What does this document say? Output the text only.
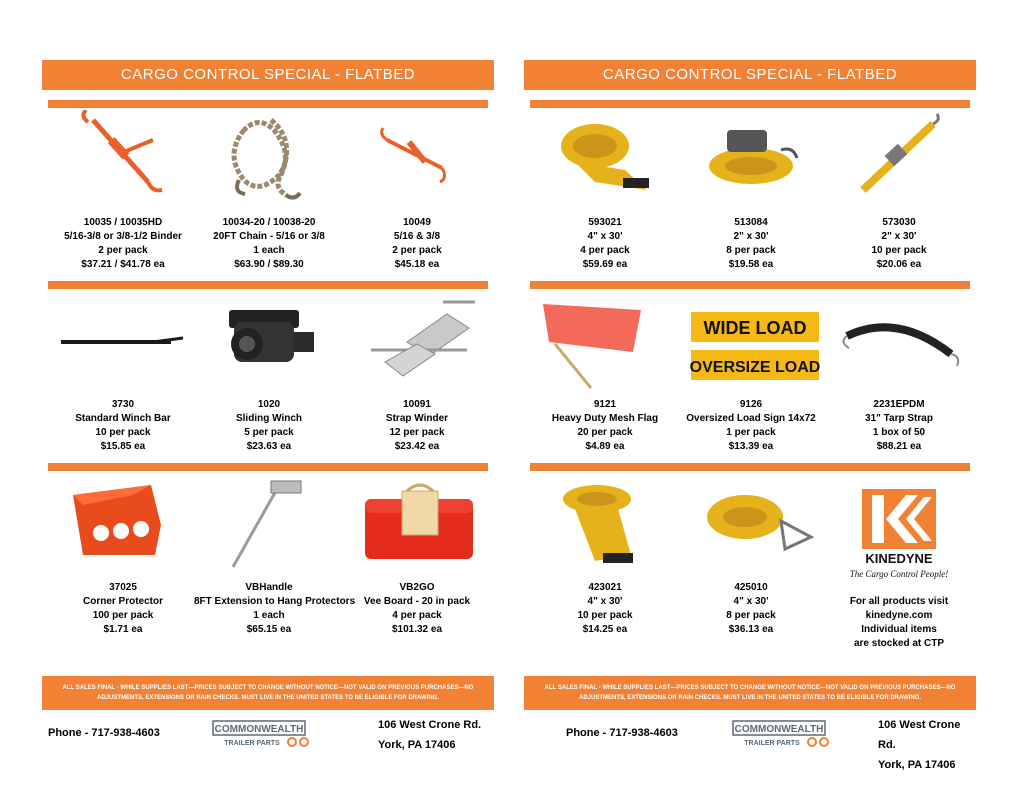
CARGO CONTROL SPECIAL - FLATBED
10035 / 10035HD
5/16-3/8 or 3/8-1/2 Binder
2 per pack
$37.21 / $41.78 ea
10034-20 / 10038-20
20FT Chain - 5/16 or 3/8
1 each
$63.90 / $89.30
10049
5/16 & 3/8
2 per pack
$45.18 ea
3730
Standard Winch Bar
10 per pack
$15.85 ea
1020
Sliding Winch
5 per pack
$23.63 ea
10091
Strap Winder
12 per pack
$23.42 ea
37025
Corner Protector
100 per pack
$1.71 ea
VBHandle
8FT Extension to Hang Protectors
1 each
$65.15 ea
VB2GO
Vee Board - 20 in pack
4 per pack
$101.32 ea
ALL SALES FINAL - WHILE SUPPLIES LAST—PRICES SUBJECT TO CHANGE WITHOUT NOTICE—NOT VALID ON PREVIOUS PURCHASES—NO ADJUSTMENTS, EXTENSIONS OR RAIN CHECKS. MUST LIVE IN THE UNITED STATES TO BE ELIGIBLE FOR DRAWING.
Phone - 717-938-4603	COMMONWEALTH
TRAILER PARTS
106 West Crone Rd.
York, PA 17406
CARGO CONTROL SPECIAL - FLATBED
593021
4" x 30'
4 per pack
$59.69 ea
513084
2" x 30'
8 per pack
$19.58 ea
573030
2" x 30'
10 per pack
$20.06 ea
9121
Heavy Duty Mesh Flag
20 per pack
$4.89 ea
WIDE LOAD
OVERSIZE LOAD
9126
Oversized Load Sign 14x72
1 per pack
$13.39 ea
2231EPDM
31" Tarp Strap
1 box of 50
$88.21 ea
423021
4" x 30'
10 per pack
$14.25 ea
425010
4" x 30'
8 per pack
$36.13 ea
KINEDYNE
The Cargo Control People!
For all products visit
kinedyne.com
Individual items
are stocked at CTP
ALL SALES FINAL - WHILE SUPPLIES LAST—PRICES SUBJECT TO CHANGE WITHOUT NOTICE—NOT VALID ON PREVIOUS PURCHASES—NO ADJUSTMENTS, EXTENSIONS OR RAIN CHECKS. MUST LIVE IN THE UNITED STATES TO BE ELIGIBLE FOR DRAWING.
Phone - 717-938-4603	COMMONWEALTH
TRAILER PARTS
106 West Crone Rd.
York, PA 17406
